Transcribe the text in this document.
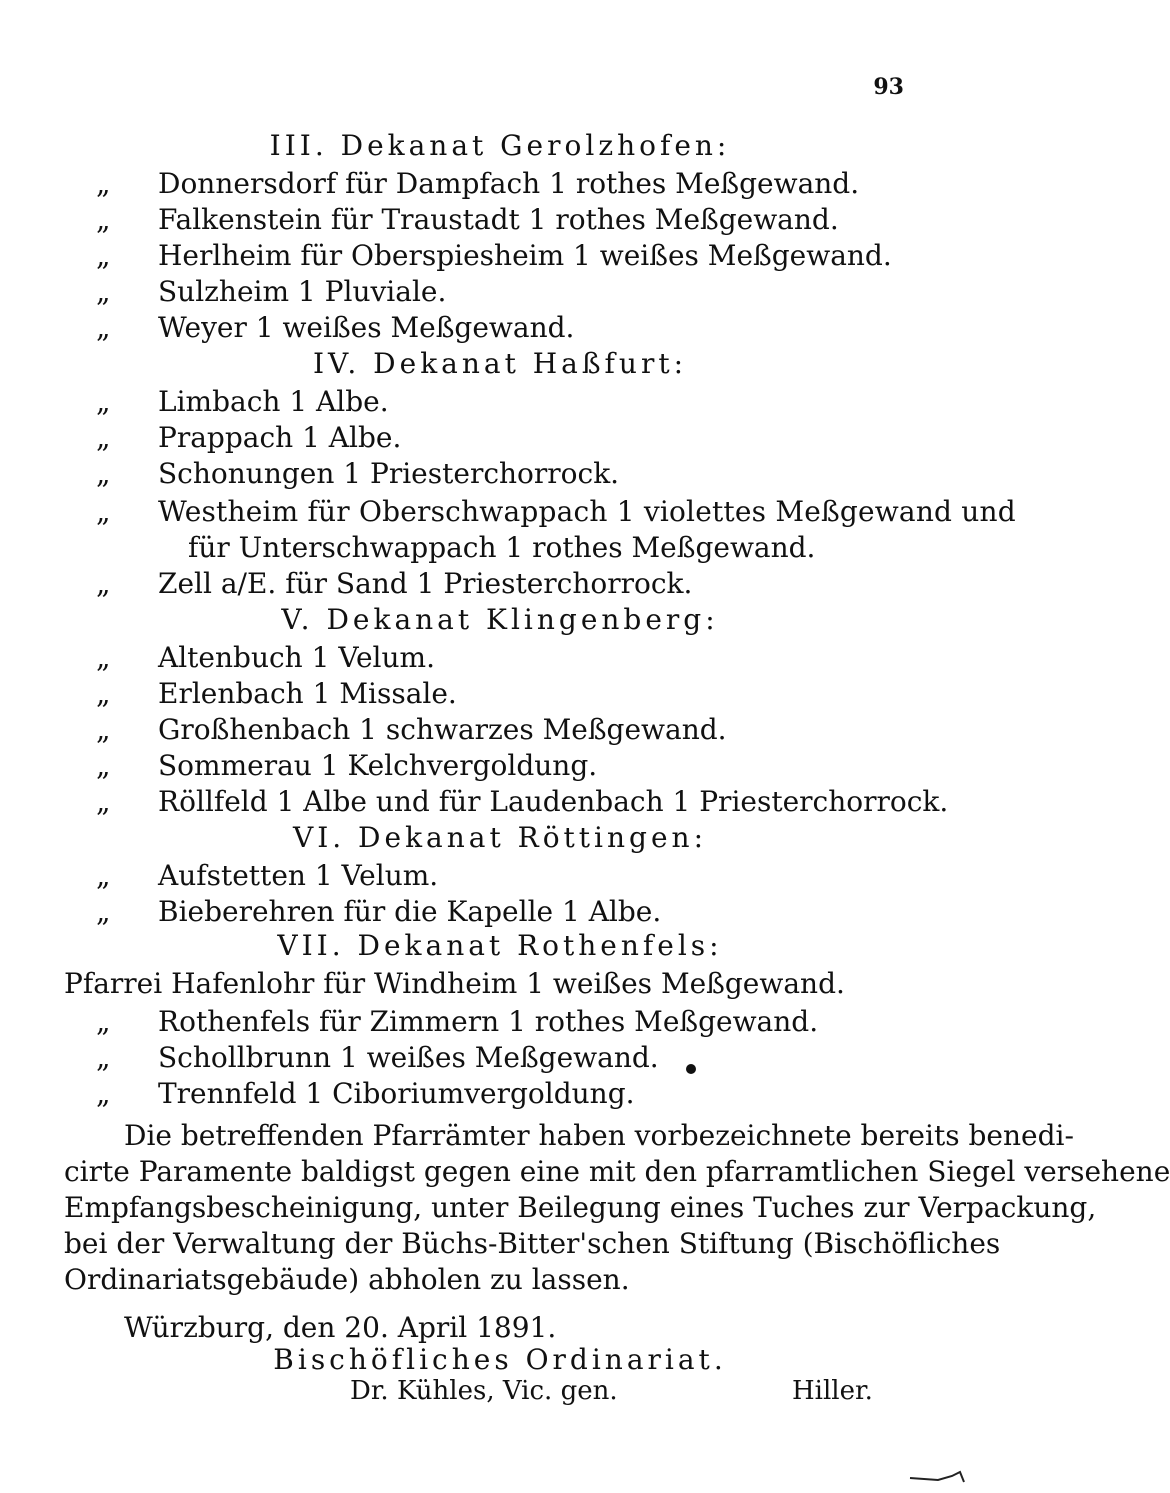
93
III. Dekanat Gerolzhofen:
„	Donnersdorf für Dampfach 1 rothes Meßgewand.
„	Falkenstein für Traustadt 1 rothes Meßgewand.
„	Herlheim für Oberspiesheim 1 weißes Meßgewand.
„	Sulzheim 1 Pluviale.
„	Weyer 1 weißes Meßgewand.
IV. Dekanat Haßfurt:
„	Limbach 1 Albe.
„	Prappach 1 Albe.
„	Schonungen 1 Priesterchorrock.
„	Westheim für Oberschwappach 1 violettes Meßgewand und
für Unterschwappach 1 rothes Meßgewand.
„	Zell a/E. für Sand 1 Priesterchorrock.
V. Dekanat Klingenberg:
„	Altenbuch 1 Velum.
„	Erlenbach 1 Missale.
„	Großhenbach 1 schwarzes Meßgewand.
„	Sommerau 1 Kelchvergoldung.
„	Röllfeld 1 Albe und für Laudenbach 1 Priesterchorrock.
VI. Dekanat Röttingen:
„	Aufstetten 1 Velum.
„	Bieberehren für die Kapelle 1 Albe.
VII. Dekanat Rothenfels:
Pfarrei Hafenlohr für Windheim 1 weißes Meßgewand.
„	Rothenfels für Zimmern 1 rothes Meßgewand.
„	Schollbrunn 1 weißes Meßgewand.
„	Trennfeld 1 Ciboriumvergoldung.
Die betreffenden Pfarrämter haben vorbezeichnete bereits benedi-
cirte Paramente baldigst gegen eine mit den pfarramtlichen Siegel versehene
Empfangsbescheinigung, unter Beilegung eines Tuches zur Verpackung,
bei der Verwaltung der Büchs-Bitter'schen Stiftung (Bischöfliches
Ordinariatsgebäude) abholen zu lassen.
Würzburg, den 20. April 1891.
Bischöfliches Ordinariat.
Dr. Kühles, Vic. gen.	Hiller.
